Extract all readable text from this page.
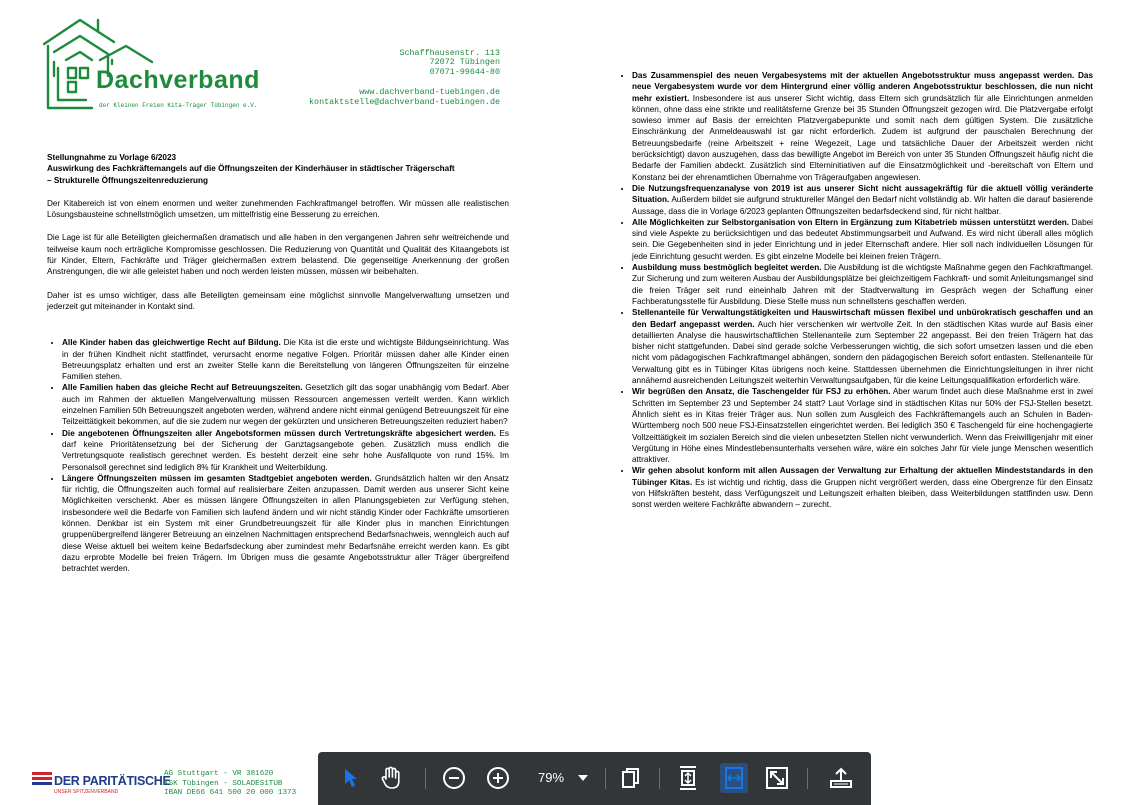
Dachverband
der Kleinen Freien Kita-Träger Tübingen e.V.
Schaffhausenstr. 113
72072 Tübingen
07071-99644-80
www.dachverband-tuebingen.de
kontaktstelle@dachverband-tuebingen.de

Stellungnahme zu Vorlage 6/2023

Auswirkung des Fachkräftemangels auf die Öffnungszeiten der Kinderhäuser in städtischer Trägerschaft

– Strukturelle Öffnungszeitenreduzierung

Der Kitabereich ist von einem enormen und weiter zunehmenden Fachkraftmangel betroffen. Wir müssen alle realistischen Lösungsbausteine schnellstmöglich umsetzen, um mittelfristig eine Besserung zu erreichen.

Die Lage ist für alle Beteiligten gleichermaßen dramatisch und alle haben in den vergangenen Jahren sehr weitreichende und teilweise kaum noch erträgliche Kompromisse geschlossen. Die Reduzierung von Quantität und Qualität des Kitaangebots ist für Kinder, Eltern, Fachkräfte und Träger gleichermaßen extrem belastend. Die gegenseitige Anerkennung der großen Anstrengungen, die wir alle geleistet haben und noch werden leisten müssen, müssen wir beibehalten.

Daher ist es umso wichtiger, dass alle Beteiligten gemeinsam eine möglichst sinnvolle Mangelverwaltung umsetzen und jederzeit gut miteinander in Kontakt sind.

• Alle Kinder haben das gleichwertige Recht auf Bildung. Die Kita ist die erste und wichtigste Bildungseinrichtung. Was in der frühen Kindheit nicht stattfindet, verursacht enorme negative Folgen. Prioritär müssen daher alle Kinder einen Betreuungsplatz erhalten und erst an zweiter Stelle kann die Bereitstellung von längeren Öffnungszeiten für einzelne Familien stehen.
• Alle Familien haben das gleiche Recht auf Betreuungszeiten. Gesetzlich gilt das sogar unabhängig vom Bedarf. Aber auch im Rahmen der aktuellen Mangelverwaltung müssen Ressourcen angemessen verteilt werden. Kann wirklich einzelnen Familien 50h Betreuungszeit angeboten werden, während andere nicht einmal genügend Betreuungszeit für eine Teilzeittätigkeit bekommen, auf die sie zudem nur wegen der gekürzten und unsicheren Betreuungszeiten reduziert haben?
• Die angebotenen Öffnungszeiten aller Angebotsformen müssen durch Vertretungskräfte abgesichert werden. Es darf keine Prioritätensetzung bei der Sicherung der Ganztagsangebote geben. Zusätzlich muss endlich die Vertretungsquote realistisch gerechnet werden. Es besteht derzeit eine sehr hohe Ausfallquote von rund 15%. Im Personalsoll gerechnet sind lediglich 8% für Krankheit und Weiterbildung.
• Längere Öffnungszeiten müssen im gesamten Stadtgebiet angeboten werden. Grundsätzlich halten wir den Ansatz für richtig, die Öffnungszeiten auch formal auf realisierbare Zeiten anzupassen. Damit werden aus unserer Sicht keine Möglichkeiten verschenkt. Aber es müssen längere Öffnungszeiten in allen Planungsgebieten zur Verfügung stehen, insbesondere weil die Bedarfe von Familien sich laufend ändern und wir nicht ständig Kinder oder Fachkräfte umsortieren können. Denkbar ist ein System mit einer Grundbetreuungszeit für alle Kinder plus in manchen Einrichtungen gruppenübergreifend längerer Betreuung an einzelnen Nachmittagen entsprechend Bedarfsnachweis, wenngleich auch auf diese Weise aktuell bei weitem keine Bedarfsdeckung aber zumindest mehr Bedarfsnähe erreicht werden kann. Es gibt dazu erprobte Modelle bei freien Trägern. Im Übrigen muss die gesamte Angebotsstruktur aller Träger übergreifend betrachtet werden.
• Das Zusammenspiel des neuen Vergabesystems mit der aktuellen Angebotsstruktur muss angepasst werden. Das neue Vergabesystem wurde vor dem Hintergrund einer völlig anderen Angebotsstruktur beschlossen, die nun nicht mehr existiert. Insbesondere ist aus unserer Sicht wichtig, dass Eltern sich grundsätzlich für alle Einrichtungen anmelden können, ohne dass eine strikte und realitätsferne Grenze bei 35 Stunden Öffnungszeit gezogen wird. Die Platzvergabe erfolgt sowieso immer auf Basis der erreichten Platzvergabepunkte und somit nach dem gültigen System. Die zusätzliche Einschränkung der Anmeldeauswahl ist gar nicht erforderlich. Zudem ist aufgrund der pauschalen Berechnung der Betreuungsbedarfe (reine Arbeitszeit + reine Wegezeit, Lage und tatsächliche Dauer der Arbeitszeit werden nicht berücksichtigt) davon auszugehen, dass das bewilligte Angebot im Bereich von unter 35 Stunden Öffnungszeit häufig nicht die Bedarfe der Familien abdeckt. Zusätzlich sind Elterninitiativen auf die Einsatzmöglichkeit und -bereitschaft von Eltern und Konstanz bei der ehrenamtlichen Übernahme von Trägeraufgaben angewiesen.
• Die Nutzungsfrequenzanalyse von 2019 ist aus unserer Sicht nicht aussagekräftig für die aktuell völlig veränderte Situation. Außerdem bildet sie aufgrund struktureller Mängel den Bedarf nicht vollständig ab. Wir halten die darauf basierende Aussage, dass die in Vorlage 6/2023 geplanten Öffnungszeiten bedarfsdeckend sind, für nicht haltbar.
• Alle Möglichkeiten zur Selbstorganisation von Eltern in Ergänzung zum Kitabetrieb müssen unterstützt werden. Dabei sind viele Aspekte zu berücksichtigen und das bedeutet Abstimmungsarbeit und Aufwand. Es wird nicht überall alles möglich sein. Die Gegebenheiten sind in jeder Einrichtung und in jeder Elternschaft andere. Hier soll nach individuellen Lösungen für jede Einrichtung gesucht werden. Es gibt einzelne Modelle bei kleinen freien Trägern.
• Ausbildung muss bestmöglich begleitet werden. Die Ausbildung ist die wichtigste Maßnahme gegen den Fachkraftmangel. Zur Sicherung und zum weiteren Ausbau der Ausbildungsplätze bei gleichzeitigem Fachkraft- und somit Anleitungsmangel sind die freien Träger seit rund eineinhalb Jahren mit der Stadtverwaltung im Gespräch wegen der Schaffung einer Fachberatungsstelle für Ausbildung. Diese Stelle muss nun schnellstens geschaffen werden.
• Stellenanteile für Verwaltungstätigkeiten und Hauswirtschaft müssen flexibel und unbürokratisch geschaffen und an den Bedarf angepasst werden. Auch hier verschenken wir wertvolle Zeit. In den städtischen Kitas wurde auf Basis einer detaillierten Analyse die hauswirtschaftlichen Stellenanteile zum September 22 angepasst. Bei den freien Trägern hat das bisher nicht stattgefunden. Dabei sind gerade solche Verbesserungen wichtig, die sich sofort umsetzen lassen und die eben nicht vom pädagogischen Fachkraftmangel abhängen, sondern den pädagogischen Bereich sofort entlasten. Stellenanteile für Verwaltung gibt es in Tübinger Kitas übrigens noch keine. Stattdessen übernehmen die Einrichtungsleitungen in ihrer nicht annähernd ausreichenden Leitungszeit weiterhin Verwaltungsaufgaben, für die keine Leitungsqualifikation erforderlich wäre.
• Wir begrüßen den Ansatz, die Taschengelder für FSJ zu erhöhen. Aber warum findet auch diese Maßnahme erst in zwei Schritten im September 23 und September 24 statt? Laut Vorlage sind in städtischen Kitas nur 50% der FSJ-Stellen besetzt. Ähnlich sieht es in Kitas freier Träger aus. Nun sollen zum Ausgleich des Fachkräftemangels auch an Schulen in Baden-Württemberg noch 500 neue FSJ-Einsatzstellen eingerichtet werden. Bei lediglich 350 € Taschengeld für eine hochengagierte Vollzeittätigkeit im sozialen Bereich sind die vielen unbesetzten Stellen nicht verwunderlich. Wenn das Freiwilligenjahr mit einer Vergütung in Höhe eines Mindestlebensunterhalts versehen wäre, wäre ein solches Jahr für viele junge Menschen wesentlich attraktiver.
• Wir gehen absolut konform mit allen Aussagen der Verwaltung zur Erhaltung der aktuellen Mindeststandards in den Tübinger Kitas. Es ist wichtig und richtig, dass die Gruppen nicht vergrößert werden, dass eine Obergrenze für den Einsatz von Hilfskräften besteht, dass Verfügungszeit und Leitungszeit erhalten bleiben, dass Weiterbildungen stattfinden usw. Denn sonst werden weitere Fachkräfte abwandern – zurecht.
DER PARITÄTISCHE
UNSER SPITZENVERBAND
AG Stuttgart - VR 381620
KSK Tübingen - SOLADES1TUB
IBAN DE66 641 500 20 000 1373
79%
